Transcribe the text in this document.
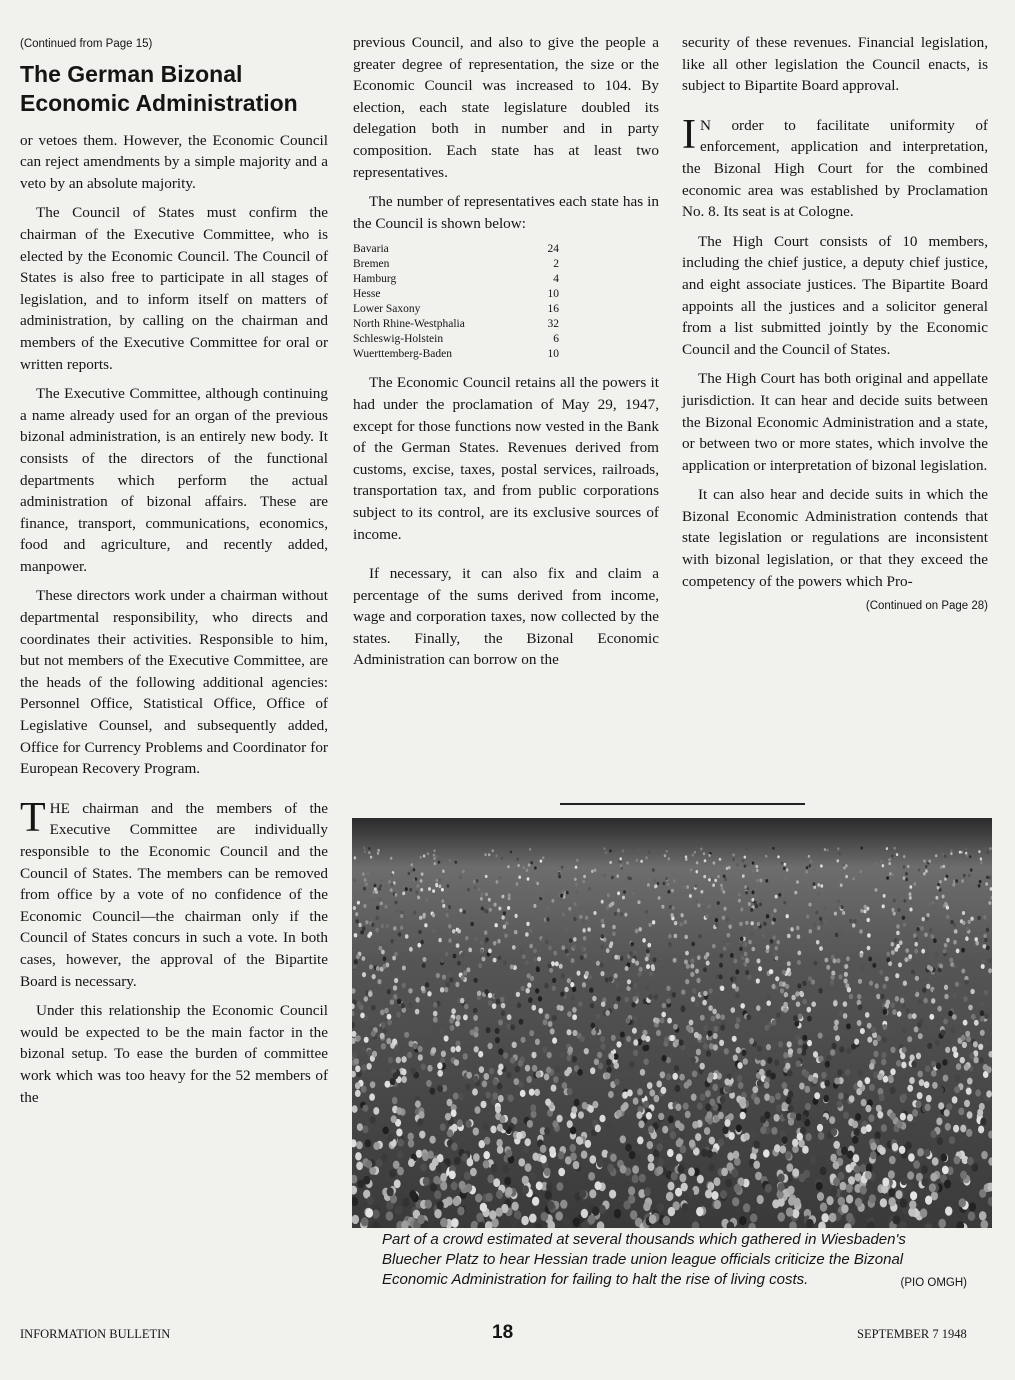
(Continued from Page 15)
The German Bizonal Economic Administration

or vetoes them. However, the Economic Council can reject amendments by a simple majority and a veto by an absolute majority.

The Council of States must confirm the chairman of the Executive Committee, who is elected by the Economic Council. The Council of States is also free to participate in all stages of legislation, and to inform itself on matters of administration, by calling on the chairman and members of the Executive Committee for oral or written reports.

The Executive Committee, although continuing a name already used for an organ of the previous bizonal administration, is an entirely new body. It consists of the directors of the functional departments which perform the actual administration of bizonal affairs. These are finance, transport, communications, economics, food and agriculture, and recently added, manpower.

These directors work under a chairman without departmental responsibility, who directs and coordinates their activities. Responsible to him, but not members of the Executive Committee, are the heads of the following additional agencies: Personnel Office, Statistical Office, Office of Legislative Counsel, and subsequently added, Office for Currency Problems and Coordinator for European Recovery Program.

THE chairman and the members of the Executive Committee are individually responsible to the Economic Council and the Council of States. The members can be removed from office by a vote of no confidence of the Economic Council—the chairman only if the Council of States concurs in such a vote. In both cases, however, the approval of the Bipartite Board is necessary.

Under this relationship the Economic Council would be expected to be the main factor in the bizonal setup. To ease the burden of committee work which was too heavy for the 52 members of the

previous Council, and also to give the people a greater degree of representation, the size or the Economic Council was increased to 104. By election, each state legislature doubled its delegation both in number and in party composition. Each state has at least two representatives.

The number of representatives each state has in the Council is shown below:

Bavaria	24
Bremen	2
Hamburg	4
Hesse	10
Lower Saxony	16
North Rhine-Westphalia	32
Schleswig-Holstein	6
Wuerttemberg-Baden	10

The Economic Council retains all the powers it had under the proclamation of May 29, 1947, except for those functions now vested in the Bank of the German States. Revenues derived from customs, excise, taxes, postal services, railroads, transportation tax, and from public corporations subject to its control, are its exclusive sources of income.

If necessary, it can also fix and claim a percentage of the sums derived from income, wage and corporation taxes, now collected by the states. Finally, the Bizonal Economic Administration can borrow on the

security of these revenues. Financial legislation, like all other legislation the Council enacts, is subject to Bipartite Board approval.

I N order to facilitate uniformity of enforcement, application and interpretation, the Bizonal High Court for the combined economic area was established by Proclamation No. 8. Its seat is at Cologne.

The High Court consists of 10 members, including the chief justice, a deputy chief justice, and eight associate justices. The Bipartite Board appoints all the justices and a solicitor general from a list submitted jointly by the Economic Council and the Council of States.

The High Court has both original and appellate jurisdiction. It can hear and decide suits between the Bizonal Economic Administration and a state, or between two or more states, which involve the application or interpretation of bizonal legislation.

It can also hear and decide suits in which the Bizonal Economic Administration contends that state legislation or regulations are inconsistent with bizonal legislation, or that they exceed the competency of the powers which Pro-

(Continued on Page 28)
Part of a crowd estimated at several thousands which gathered in Wiesbaden's Bluecher Platz to hear Hessian trade union league officials criticize the Bizonal Economic Administration for failing to halt the rise of living costs.	(PIO OMGH)
INFORMATION BULLETIN	18	SEPTEMBER 7 1948
